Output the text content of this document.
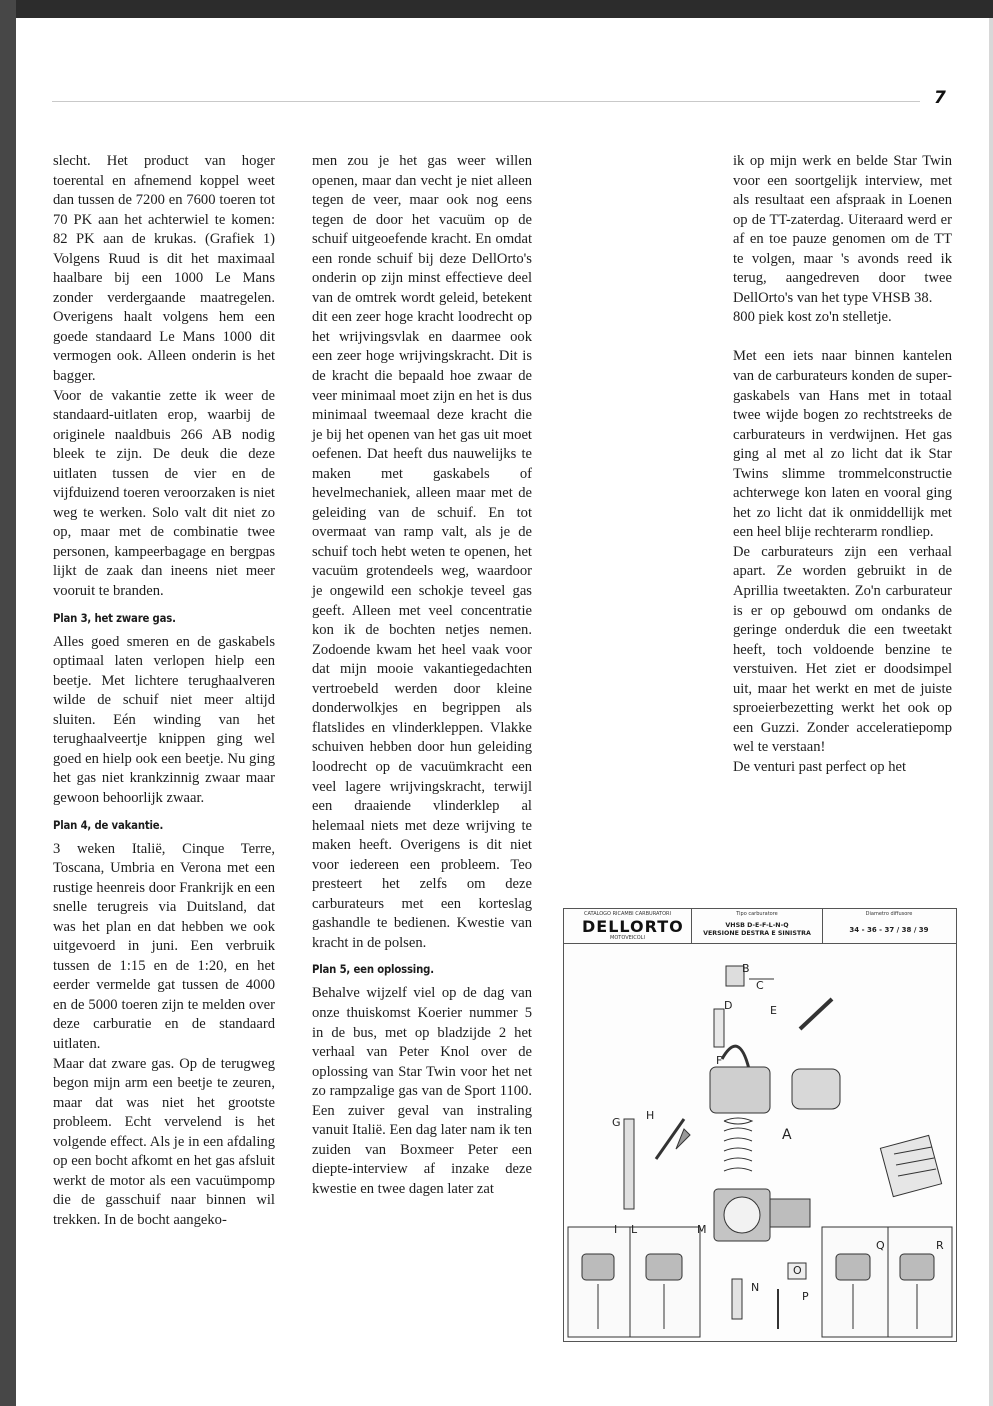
7

slecht. Het product van hoger toerental en afnemend koppel weet dan tussen de 7200 en 7600 toeren tot 70 PK aan het achterwiel te komen: 82 PK aan de krukas. (Grafiek 1) Volgens Ruud is dit het maximaal haalbare bij een 1000 Le Mans zonder verdergaande maatregelen. Overigens haalt volgens hem een goede standaard Le Mans 1000 dit vermogen ook. Alleen onderin is het bagger.

Voor de vakantie zette ik weer de standaard-uitlaten erop, waarbij de originele naaldbuis 266 AB nodig bleek te zijn. De deuk die deze uitlaten tussen de vier en de vijfduizend toeren veroorzaken is niet weg te werken. Solo valt dit niet zo op, maar met de combinatie twee personen, kampeerbagage en bergpas lijkt de zaak dan ineens niet meer vooruit te branden.

Plan 3, het zware gas.

Alles goed smeren en de gaskabels optimaal laten verlopen hielp een beetje. Met lichtere terughaalveren wilde de schuif niet meer altijd sluiten. Eén winding van het terughaalveertje knippen ging wel goed en hielp ook een beetje. Nu ging het gas niet krankzinnig zwaar maar gewoon behoorlijk zwaar.

Plan 4, de vakantie.

3 weken Italië, Cinque Terre, Toscana, Umbria en Verona met een rustige heenreis door Frankrijk en een snelle terugreis via Duitsland, dat was het plan en dat hebben we ook uitgevoerd in juni. Een verbruik tussen de 1:15 en de 1:20, en het eerder vermelde gat tussen de 4000 en de 5000 toeren zijn te melden over deze carburatie en de standaard uitlaten.

Maar dat zware gas. Op de terugweg begon mijn arm een beetje te zeuren, maar dat was niet het grootste probleem. Echt vervelend is het volgende effect. Als je in een afdaling op een bocht afkomt en het gas afsluit werkt de motor als een vacuümpomp die de gasschuif naar binnen wil trekken. In de bocht aangeko-

men zou je het gas weer willen openen, maar dan vecht je niet alleen tegen de veer, maar ook nog eens tegen de door het vacuüm op de schuif uitgeoefende kracht. En omdat een ronde schuif bij deze DellOrto's onderin op zijn minst effectieve deel van de omtrek wordt geleid, betekent dit een zeer hoge kracht loodrecht op het wrijvingsvlak en daarmee ook een zeer hoge wrijvingskracht. Dit is de kracht die bepaald hoe zwaar de veer minimaal moet zijn en het is dus minimaal tweemaal deze kracht die je bij het openen van het gas uit moet oefenen. Dat heeft dus nauwelijks te maken met gaskabels of hevelmechaniek, alleen maar met de geleiding van de schuif. En tot overmaat van ramp valt, als je de schuif toch hebt weten te openen, het vacuüm grotendeels weg, waardoor je ongewild een schokje teveel gas geeft. Alleen met veel concentratie kon ik de bochten netjes nemen. Zodoende kwam het heel vaak voor dat mijn mooie vakantiegedachten vertroebeld werden door kleine donderwolkjes en begrippen als flatslides en vlinderkleppen. Vlakke schuiven hebben door hun geleiding loodrecht op de vacuümkracht een veel lagere wrijvingskracht, terwijl een draaiende vlinderklep al helemaal niets met deze wrijving te maken heeft. Overigens is dit niet voor iedereen een probleem. Teo presteert het zelfs om deze carburateurs met een korteslag gashandle te bedienen. Kwestie van kracht in de polsen.

Plan 5, een oplossing.

Behalve wijzelf viel op de dag van onze thuiskomst Koerier nummer 5 in de bus, met op bladzijde 2 het verhaal van Peter Knol over de oplossing van Star Twin voor het net zo rampzalige gas van de Sport 1100. Een zuiver geval van instraling vanuit Italië. Een dag later nam ik ten zuiden van Boxmeer Peter een diepte-interview af inzake deze kwestie en twee dagen later zat

ik op mijn werk en belde Star Twin voor een soortgelijk interview, met als resultaat een afspraak in Loenen op de TT-zaterdag. Uiteraard werd er af en toe pauze genomen om de TT te volgen, maar 's avonds reed ik terug, aangedreven door twee DellOrto's van het type VHSB 38.

800 piek kost zo'n stelletje.

Met een iets naar binnen kantelen van de carburateurs konden de super-gaskabels van Hans met in totaal twee wijde bogen zo rechtstreeks de carburateurs in verdwijnen. Het gas ging al met al zo licht dat ik Star Twins slimme trommelconstructie achterwege kon laten en vooral ging het zo licht dat ik onmiddellijk met een heel blije rechterarm rondliep.

De carburateurs zijn een verhaal apart. Ze worden gebruikt in de Aprillia tweetakten. Zo'n carburateur is er op gebouwd om ondanks de geringe onderduk die een tweetakt heeft, toch voldoende benzine te verstuiven. Het ziet er doodsimpel uit, maar het werkt en met de juiste sproeierbezetting werkt het ook op een Guzzi. Zonder acceleratiepomp wel te verstaan!

De venturi past perfect op het

CATALOGO RICAMBI CARBURATORI
DELLORTO
MOTOVEICOLI
Tipo carburatore
VHSB D-E-F-L-N-Q
VERSIONE DESTRA E SINISTRA
Diametro diffusore
34 - 36 - 37 / 38 / 39
B
C
D	E
F
G
H
A
I L	M
N
O
P
Q	R
